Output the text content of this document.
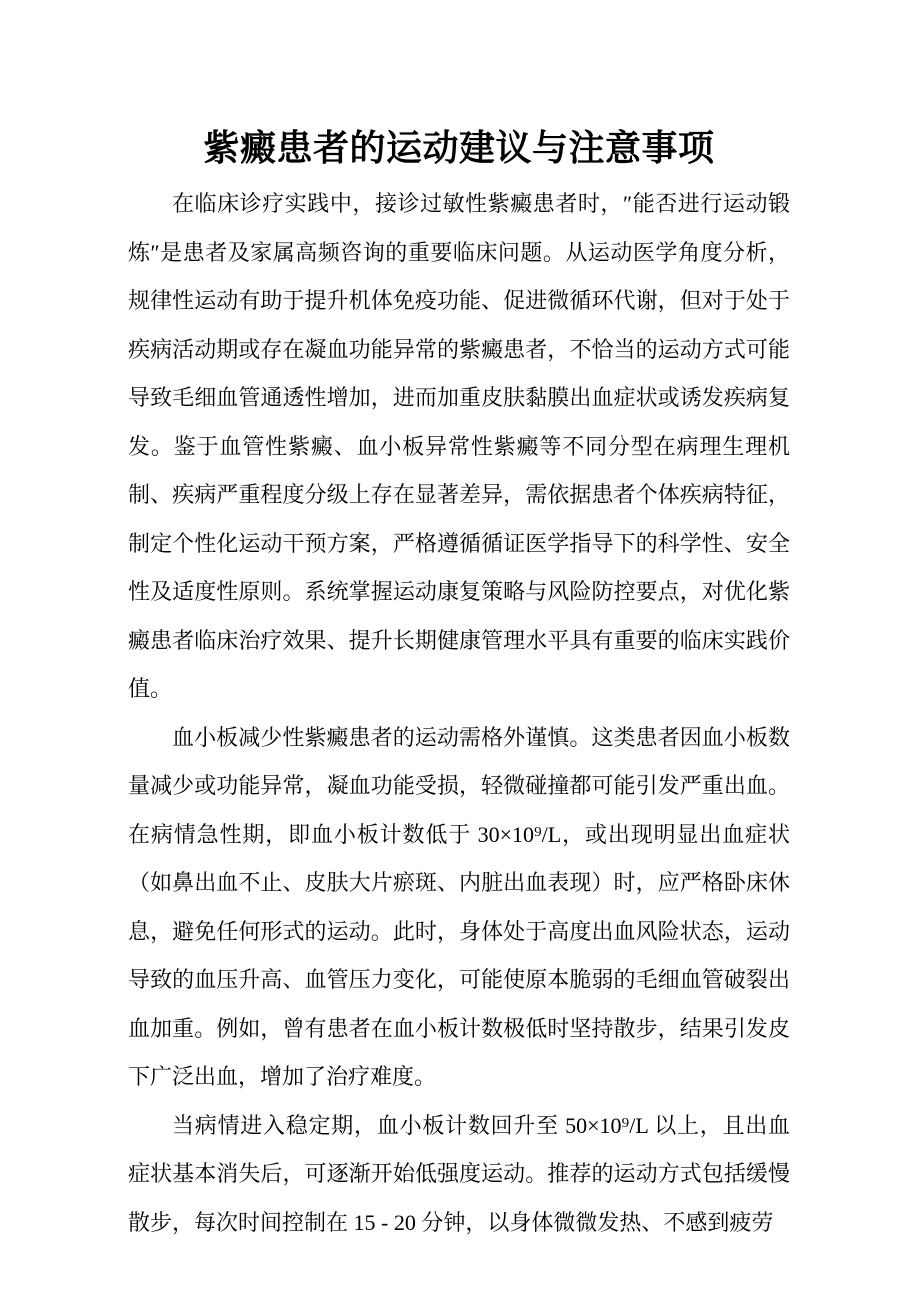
紫癜患者的运动建议与注意事项

在临床诊疗实践中，接诊过敏性紫癜患者时，″能否进行运动锻炼″是患者及家属高频咨询的重要临床问题。从运动医学角度分析，规律性运动有助于提升机体免疫功能、促进微循环代谢，但对于处于疾病活动期或存在凝血功能异常的紫癜患者，不恰当的运动方式可能导致毛细血管通透性增加，进而加重皮肤黏膜出血症状或诱发疾病复发。鉴于血管性紫癜、血小板异常性紫癜等不同分型在病理生理机制、疾病严重程度分级上存在显著差异，需依据患者个体疾病特征，制定个性化运动干预方案，严格遵循循证医学指导下的科学性、安全性及适度性原则。系统掌握运动康复策略与风险防控要点，对优化紫癜患者临床治疗效果、提升长期健康管理水平具有重要的临床实践价值。

血小板减少性紫癜患者的运动需格外谨慎。这类患者因血小板数量减少或功能异常，凝血功能受损，轻微碰撞都可能引发严重出血。在病情急性期，即血小板计数低于 30×10⁹/L，或出现明显出血症状（如鼻出血不止、皮肤大片瘀斑、内脏出血表现）时，应严格卧床休息，避免任何形式的运动。此时，身体处于高度出血风险状态，运动导致的血压升高、血管压力变化，可能使原本脆弱的毛细血管破裂出血加重。例如，曾有患者在血小板计数极低时坚持散步，结果引发皮下广泛出血，增加了治疗难度。

当病情进入稳定期，血小板计数回升至 50×10⁹/L 以上，且出血症状基本消失后，可逐渐开始低强度运动。推荐的运动方式包括缓慢散步，每次时间控制在 15 - 20 分钟，以身体微微发热、不感到疲劳
